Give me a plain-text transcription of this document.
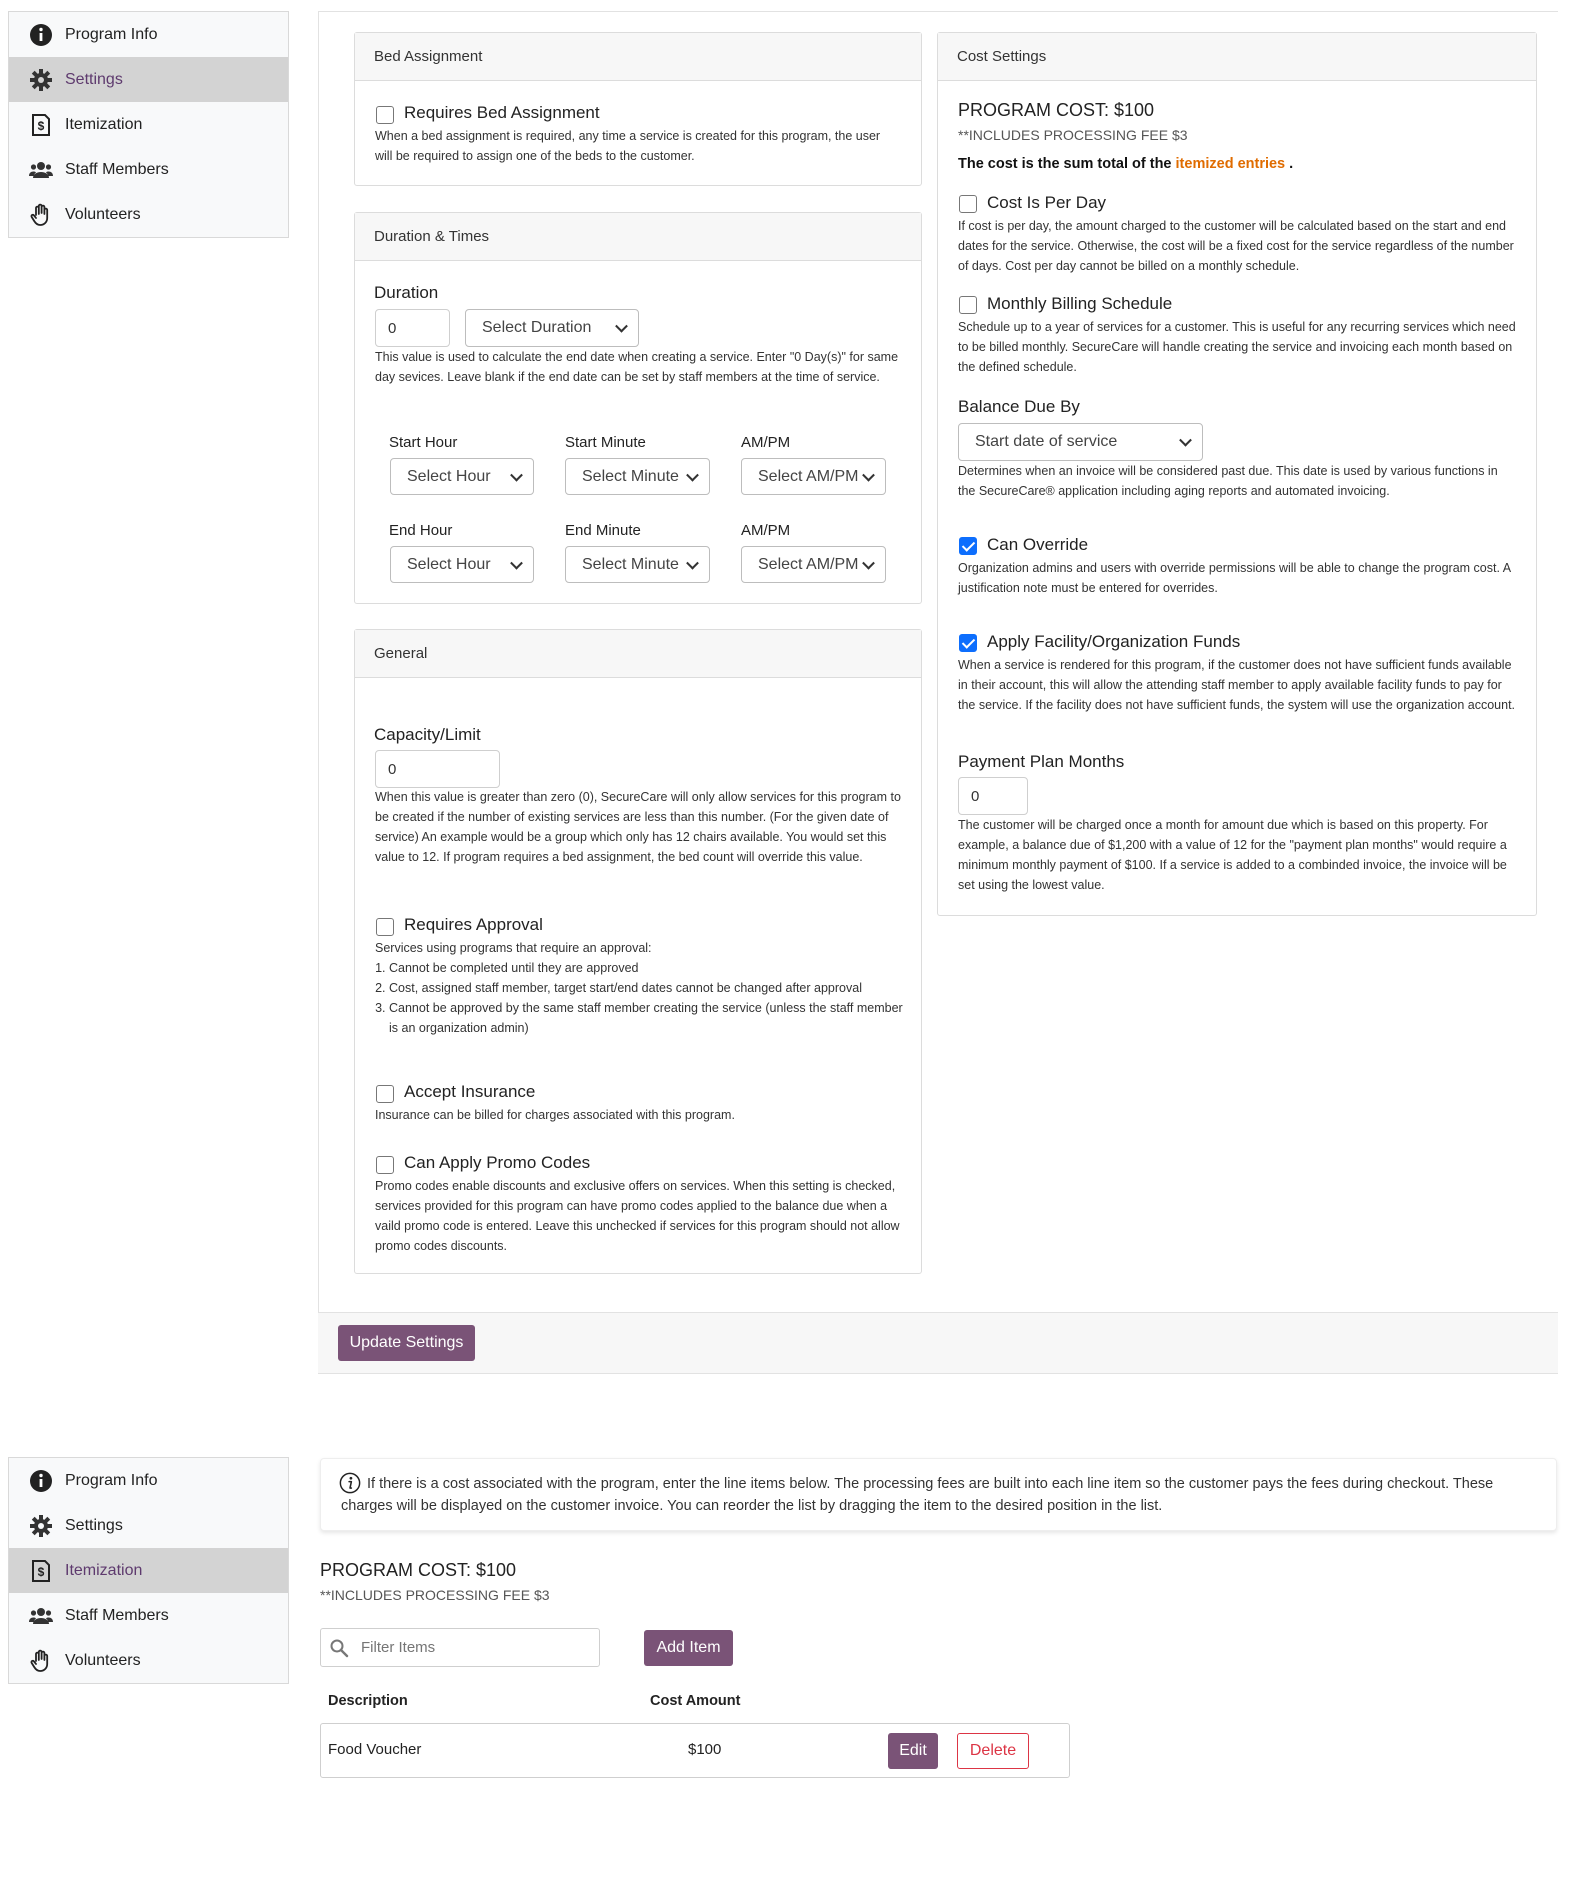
Program Info
Settings
$ Itemization
Staff Members
Volunteers
Bed Assignment
Requires Bed Assignment
When a bed assignment is required, any time a service is created for this program, the user will be required to assign one of the beds to the customer.
Duration & Times
Duration
0	Select Duration
This value is used to calculate the end date when creating a service. Enter "0 Day(s)" for same day sevices. Leave blank if the end date can be set by staff members at the time of service.
Start Hour	Start Minute	AM/PM
Select Hour	Select Minute	Select AM/PM
End Hour	End Minute	AM/PM
Select Hour	Select Minute	Select AM/PM
General
Capacity/Limit
0
When this value is greater than zero (0), SecureCare will only allow services for this program to be created if the number of existing services are less than this number. (For the given date of service) An example would be a group which only has 12 chairs available. You would set this value to 12. If program requires a bed assignment, the bed count will override this value.
Requires Approval
Services using programs that require an approval:
1. Cannot be completed until they are approved
2. Cost, assigned staff member, target start/end dates cannot be changed after approval
3. Cannot be approved by the same staff member creating the service (unless the staff member is an organization admin)
Accept Insurance
Insurance can be billed for charges associated with this program.
Can Apply Promo Codes
Promo codes enable discounts and exclusive offers on services. When this setting is checked, services provided for this program can have promo codes applied to the balance due when a vaild promo code is entered. Leave this unchecked if services for this program should not allow promo codes discounts.
Cost Settings
PROGRAM COST: $100
**INCLUDES PROCESSING FEE $3
The cost is the sum total of the itemized entries .
Cost Is Per Day
If cost is per day, the amount charged to the customer will be calculated based on the start and end dates for the service. Otherwise, the cost will be a fixed cost for the service regardless of the number of days. Cost per day cannot be billed on a monthly schedule.
Monthly Billing Schedule
Schedule up to a year of services for a customer. This is useful for any recurring services which need to be billed monthly. SecureCare will handle creating the service and invoicing each month based on the defined schedule.
Balance Due By
Start date of service
Determines when an invoice will be considered past due. This date is used by various functions in the SecureCare® application including aging reports and automated invoicing.
Can Override
Organization admins and users with override permissions will be able to change the program cost. A justification note must be entered for overrides.
Apply Facility/Organization Funds
When a service is rendered for this program, if the customer does not have sufficient funds available in their account, this will allow the attending staff member to apply available facility funds to pay for the service. If the facility does not have sufficient funds, the system will use the organization account.
Payment Plan Months
0
The customer will be charged once a month for amount due which is based on this property. For example, a balance due of $1,200 with a value of 12 for the "payment plan months" would require a minimum monthly payment of $100. If a service is added to a combinded invoice, the invoice will be set using the lowest value.
Update Settings
Program Info
Settings
$ Itemization
Staff Members
Volunteers
If there is a cost associated with the program, enter the line items below. The processing fees are built into each line item so the customer pays the fees during checkout. These charges will be displayed on the customer invoice. You can reorder the list by dragging the item to the desired position in the list.
PROGRAM COST: $100
**INCLUDES PROCESSING FEE $3
Filter Items
Add Item
Description	Cost Amount
Food Voucher	$100	Edit	Delete
